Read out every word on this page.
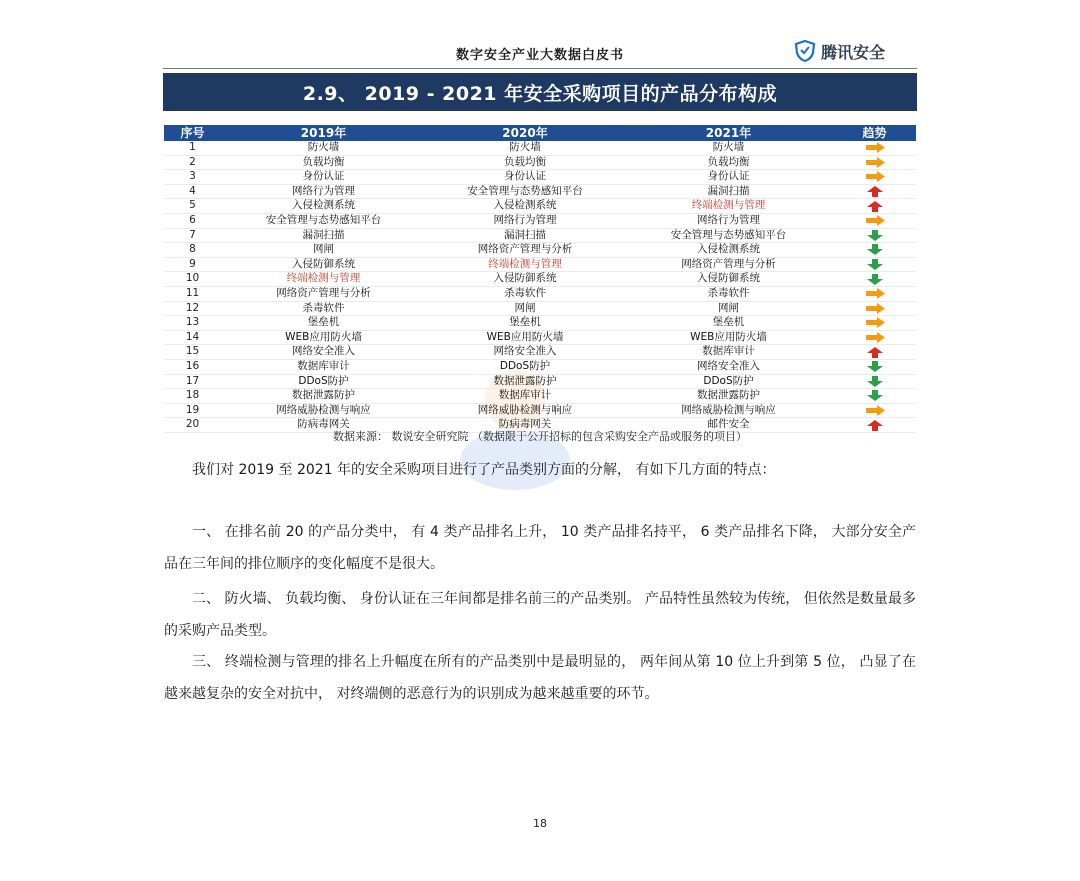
数字安全产业大数据白皮书	腾讯安全
2.9、 2019 - 2021 年安全采购项目的产品分布构成
序号	2019年	2020年	2021年	趋势
1	防火墙	防火墙	防火墙	

2	负载均衡	负载均衡	负载均衡	

3	身份认证	身份认证	身份认证	

4	网络行为管理	安全管理与态势感知平台	漏洞扫描	

5	入侵检测系统	入侵检测系统	终端检测与管理	

6	安全管理与态势感知平台	网络行为管理	网络行为管理	

7	漏洞扫描	漏洞扫描	安全管理与态势感知平台	

8	网闸	网络资产管理与分析	入侵检测系统	

9	入侵防御系统	终端检测与管理	网络资产管理与分析	

10	终端检测与管理	入侵防御系统	入侵防御系统	

11	网络资产管理与分析	杀毒软件	杀毒软件	

12	杀毒软件	网闸	网闸	

13	堡垒机	堡垒机	堡垒机	

14	WEB应用防火墙	WEB应用防火墙	WEB应用防火墙	

15	网络安全准入	网络安全准入	数据库审计	

16	数据库审计	DDoS防护	网络安全准入	

17	DDoS防护	数据泄露防护	DDoS防护	

18	数据泄露防护	数据库审计	数据泄露防护	

19	网络威胁检测与响应	网络威胁检测与响应	网络威胁检测与响应	

20	防病毒网关	防病毒网关	邮件安全	
数据来源： 数说安全研究院 （数据限于公开招标的包含采购安全产品或服务的项目）
我们对 2019 至 2021 年的安全采购项目进行了产品类别方面的分解， 有如下几方面的特点：
一、 在排名前 20 的产品分类中， 有 4 类产品排名上升， 10 类产品排名持平， 6 类产品排名下降， 大部分安全产品在三年间的排位顺序的变化幅度不是很大。
二、 防火墙、 负载均衡、 身份认证在三年间都是排名前三的产品类别。 产品特性虽然较为传统， 但依然是数量最多的采购产品类型。
三、 终端检测与管理的排名上升幅度在所有的产品类别中是最明显的， 两年间从第 10 位上升到第 5 位， 凸显了在越来越复杂的安全对抗中， 对终端侧的恶意行为的识别成为越来越重要的环节。
18
